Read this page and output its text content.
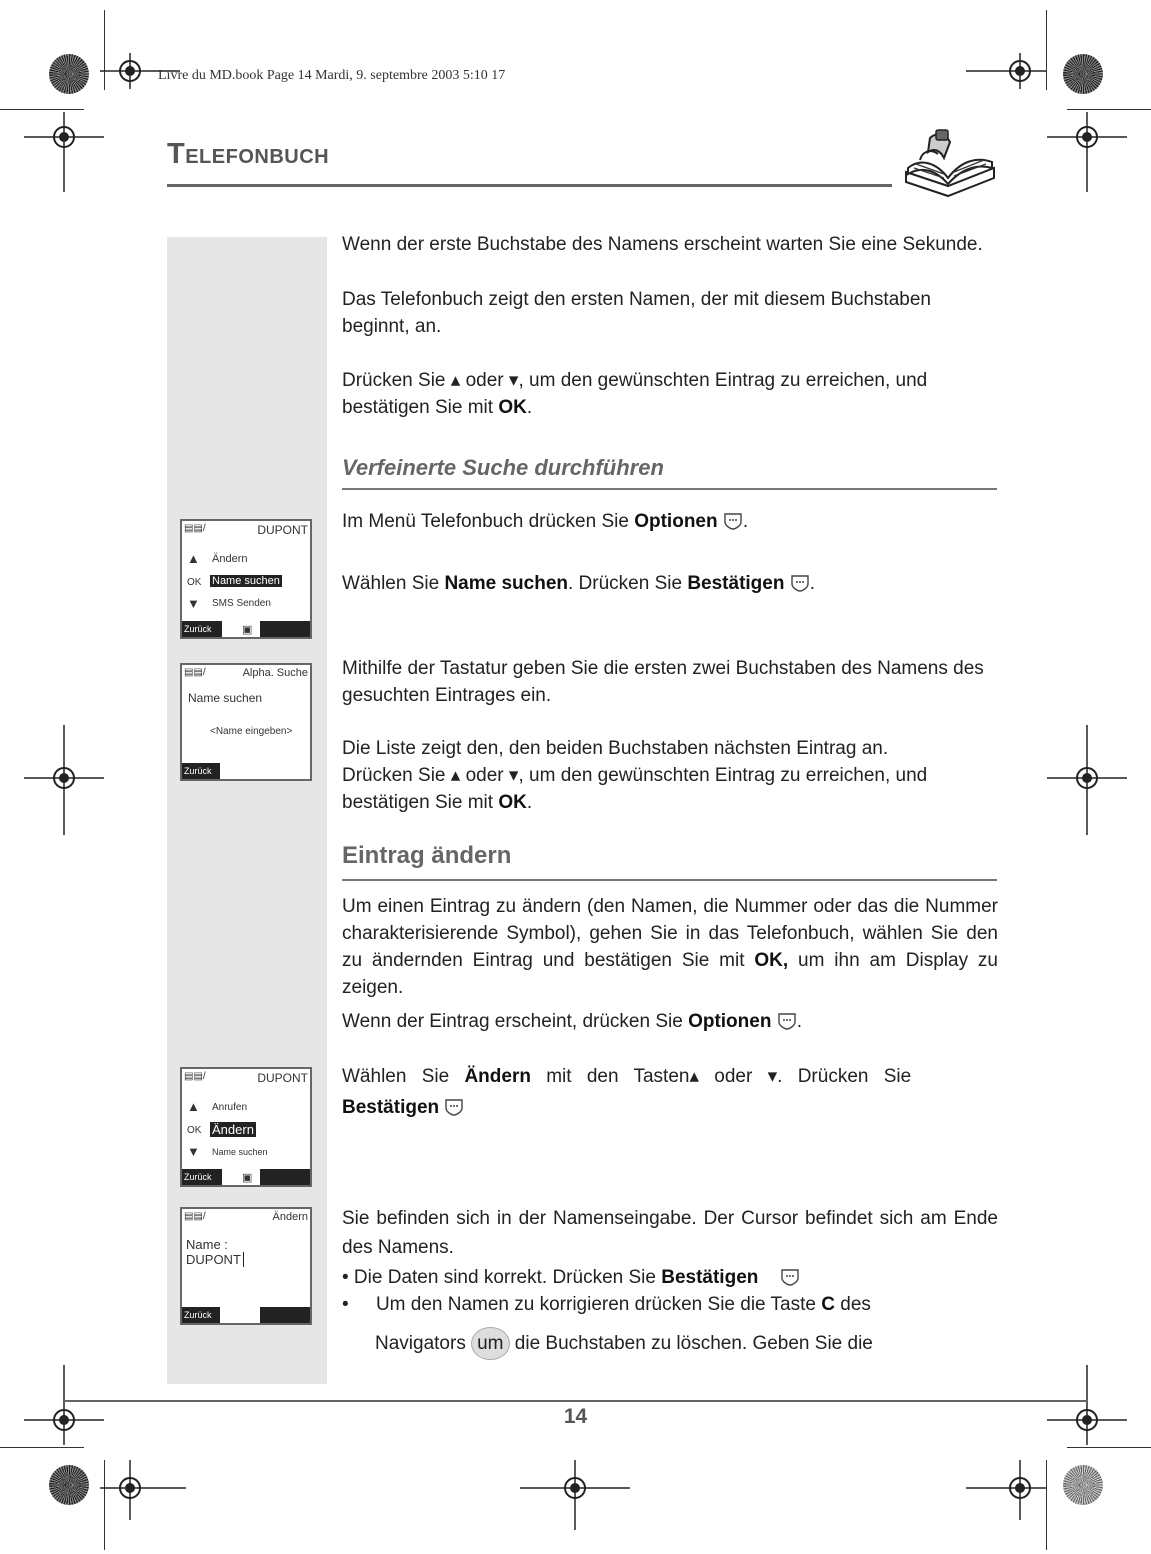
Livre du MD.book Page 14 Mardi, 9. septembre 2003 5:10 17
Telefonbuch
Wenn der erste Buchstabe des Namens erscheint warten Sie eine Sekunde.
Das Telefonbuch zeigt den ersten Namen, der mit diesem Buchstaben beginnt, an.
Drücken Sie ▴ oder ▾, um den gewünschten Eintrag zu erreichen, und bestätigen Sie mit OK.
Verfeinerte Suche durchführen
Im Menü Telefonbuch drücken Sie Optionen .
Wählen Sie Name suchen. Drücken Sie Bestätigen .
Mithilfe der Tastatur geben Sie die ersten zwei Buchstaben des Namens des gesuchten Eintrages ein.
Die Liste zeigt den, den beiden Buchstaben nächsten Eintrag an.
Drücken Sie ▴ oder ▾, um den gewünschten Eintrag zu erreichen, und bestätigen Sie mit OK.
Eintrag ändern
Um einen Eintrag zu ändern (den Namen, die Nummer oder das die Nummer charakterisierende Symbol), gehen Sie in das Telefonbuch, wählen Sie den zu ändernden Eintrag und bestätigen Sie mit OK, um ihn am Display zu zeigen.
Wenn der Eintrag erscheint, drücken Sie Optionen .
Wählen Sie Ändern mit den Tasten▴ oder ▾. Drücken Sie
Bestätigen
Sie befinden sich in der Namenseingabe. Der Cursor befindet sich am Ende des Namens.
• Die Daten sind korrekt. Drücken Sie Bestätigen
• Um den Namen zu korrigieren drücken Sie die Taste C des
Navigators um die Buchstaben zu löschen. Geben Sie die
▤▤/	DUPONT
▲ Ändern
OK Name suchen
▼ SMS Senden
Zurück	▣
▤▤/	Alpha. Suche
Name suchen
<Name eingeben>
Zurück
▤▤/	DUPONT
▲ Anrufen
OK Ändern
▼ Name suchen
Zurück	▣
▤▤/	Ändern
Name :
DUPONT
Zurück
14
